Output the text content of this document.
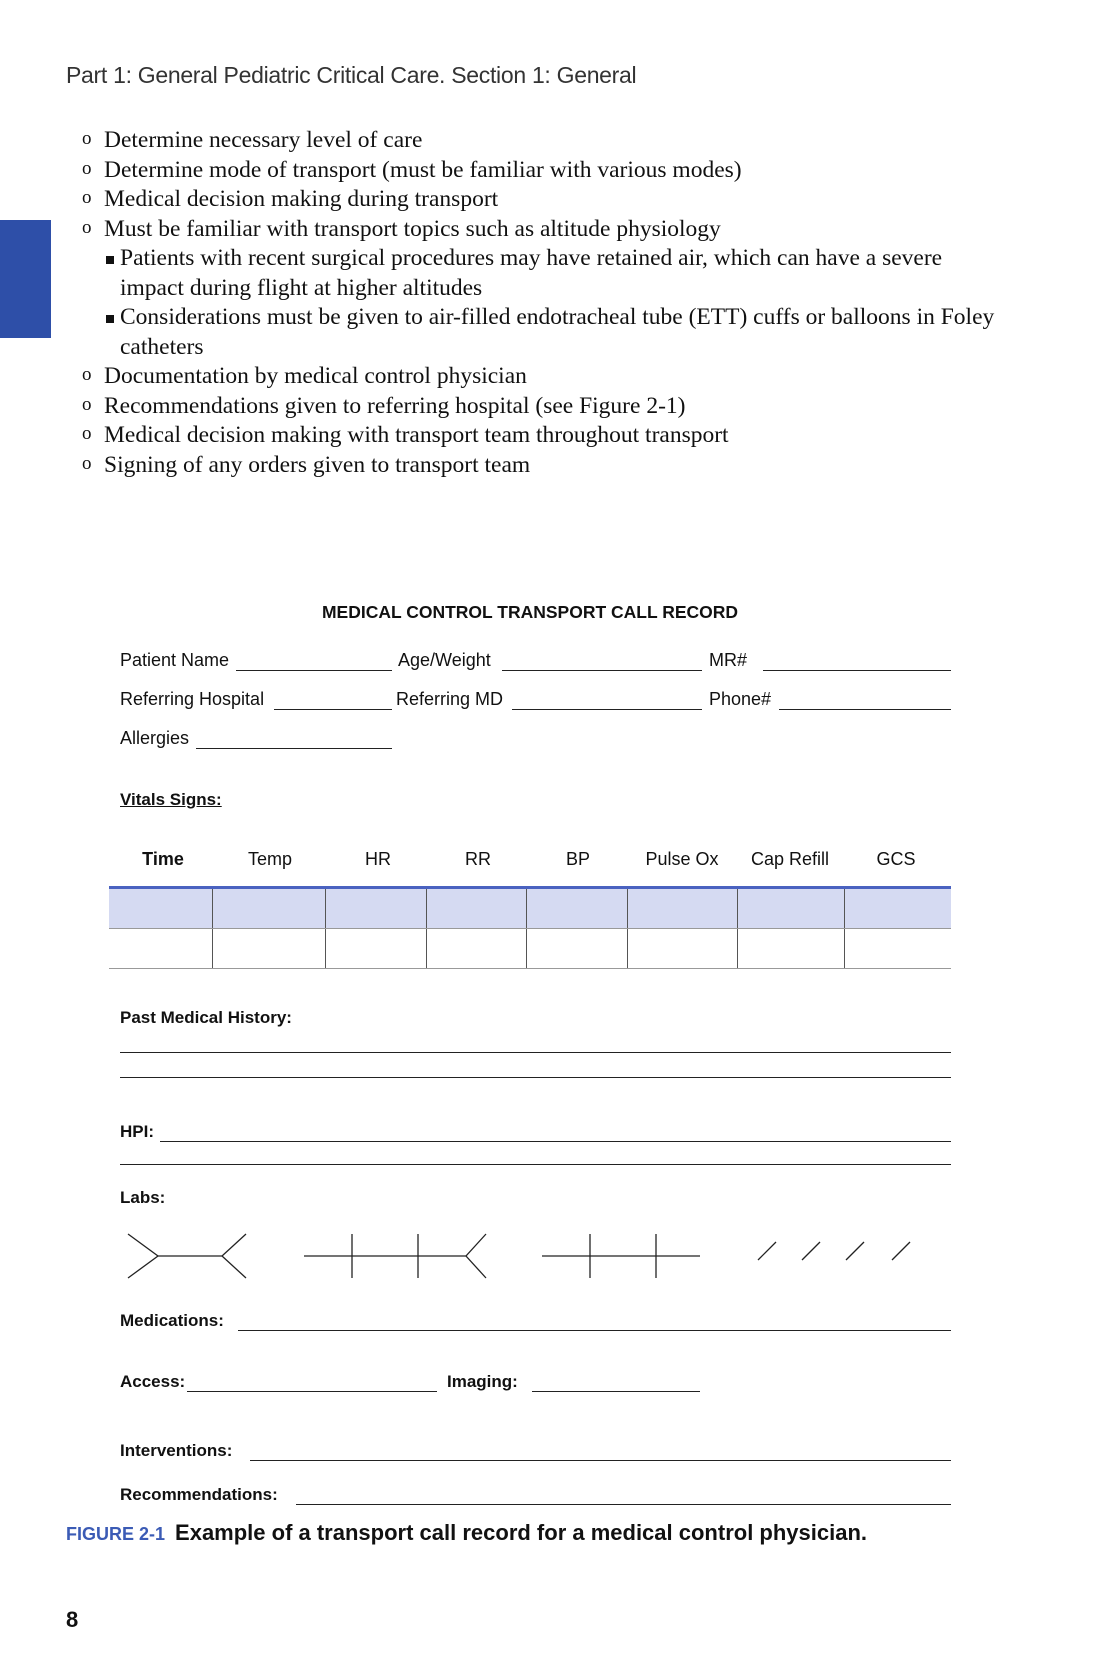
Part 1: General Pediatric Critical Care. Section 1: General
o Determine necessary level of care
o Determine mode of transport (must be familiar with various modes)
o Medical decision making during transport
o Must be familiar with transport topics such as altitude physiology
Patients with recent surgical procedures may have retained air, which can have a severe impact during flight at higher altitudes
Considerations must be given to air-filled endotracheal tube (ETT) cuffs or balloons in Foley catheters
o Documentation by medical control physician
o Recommendations given to referring hospital (see Figure 2-1)
o Medical decision making with transport team throughout transport
o Signing of any orders given to transport team
MEDICAL CONTROL TRANSPORT CALL RECORD
Patient Name	Age/Weight	MR#
Referring Hospital	Referring MD	Phone#
Allergies
Vitals Signs:
Time	Temp	HR	RR	BP	Pulse Ox	Cap Refill	GCS

Past Medical History:
HPI:
Labs:
Medications:
Access:	Imaging:
Interventions:
Recommendations:
FIGURE 2-1 Example of a transport call record for a medical control physician.
8
